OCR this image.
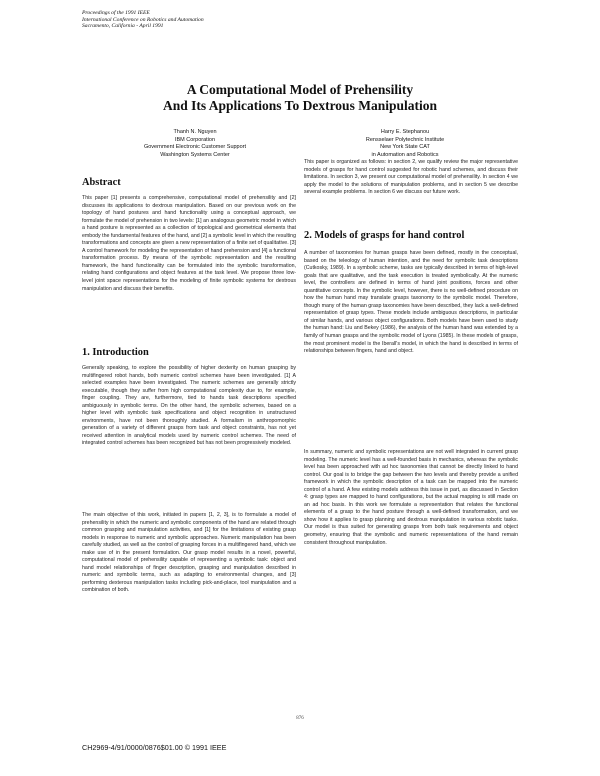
Proceedings of the 1991 IEEE
International Conference on Robotics and Automation
Sacramento, California - April 1991
A Computational Model of Prehensility
And Its Applications To Dextrous Manipulation
Thanh N. Nguyen
IBM Corporation
Government Electronic Customer Support
Washington Systems Center
Harry E. Stephanou
Rensselaer Polytechnic Institute
New York State CAT
in Automation and Robotics
Abstract
This paper [1] presents a comprehensive, computational model of prehensility and [2] discusses its applications to dextrous manipulation. Based on our previous work on the topology of hand postures and hand functionality using a conceptual approach, we formulate the model of prehension in two levels: [1] an analogous geometric model in which a hand posture is represented as a collection of topological and geometrical elements that embody the fundamental features of the hand, and [2] a symbolic level in which the resulting transformations and concepts are given a new representation of a finite set of qualitative. [3] A control framework for modeling the representation of hand prehension and [4] a functional transformation process. By means of the symbolic representation and the resulting framework, the hand functionality can be formulated into the symbolic transformation, relating hand configurations and object features at the task level. We propose three low-level joint space representations for the modeling of finite symbolic systems for dextrous manipulation and discuss their benefits.
1. Introduction
Generally speaking, to explore the possibility of higher dexterity on human grasping by multifingered robot hands, both numeric control schemes have been investigated. [1] A selected examples have been investigated. The numeric schemes are generally strictly executable, though they suffer from high computational complexity due to, for example, finger coupling. They are, furthermore, tied to hands task descriptions specified ambiguously in symbolic terms. On the other hand, the symbolic schemes, based on a higher level with symbolic task specifications and object recognition in unstructured environments, have not been thoroughly studied. A formalism in anthropomorphic generation of a variety of different grasps from task and object constraints, has not yet received attention in analytical models used by numeric control schemes. The need of integrated control schemes has been recognized but has not been progressively modeled.
The main objective of this work, initiated in papers [1, 2, 3], is to formulate a model of prehensility in which the numeric and symbolic components of the hand are related through common grasping and manipulation activities, and [1] for the limitations of existing grasp models in response to numeric and symbolic approaches. Numeric manipulation has been carefully studied, as well as the control of grasping forces in a multifingered hand, which we make use of in the present formulation. Our grasp model results in a novel, powerful, computational model of prehensility capable of representing a symbolic task: object and hand model relationships of finger description, grasping and manipulation described in numeric and symbolic terms, such as adapting to environmental changes, and [3] performing dexterous manipulation tasks including pick-and-place, tool manipulation and a combination of both.
This paper is organized as follows: in section 2, we qualify review the major representative models of grasps for hand control suggested for robotic hand schemes, and discuss their limitations. In section 3, we present our computational model of prehensility. In section 4 we apply the model to the solutions of manipulation problems, and in section 5 we describe several example problems. In section 6 we discuss our future work.
2. Models of grasps for hand control
A number of taxonomies for human grasps have been defined, mostly in the conceptual, based on the teleology of human intention, and the need for symbolic task descriptions (Cutkosky, 1989). In a symbolic scheme, tasks are typically described in terms of high-level goals that are qualitative, and the task execution is treated symbolically. At the numeric level, the controllers are defined in terms of hand joint positions, forces and other quantitative concepts. In the symbolic level, however, there is no well-defined procedure on how the human hand may translate grasps taxonomy to the symbolic model. Therefore, though many of the human grasp taxonomies have been described, they lack a well-defined representation of grasp types. These models include ambiguous descriptions, in particular of similar hands, and various object configurations. Both models have been used to study the human hand: Liu and Bekey (1986), the analysis of the human hand was extended by a family of human grasps and the symbolic model of Lyons (1985). In these models of grasps, the most prominent model is the Iberall's model, in which the hand is described in terms of relationships between fingers, hand and object.
In summary, numeric and symbolic representations are not well integrated in current grasp modeling. The numeric level has a well-founded basis in mechanics, whereas the symbolic level has been approached with ad hoc taxonomies that cannot be directly linked to hand control. Our goal is to bridge the gap between the two levels and thereby provide a unified framework in which the symbolic description of a task can be mapped into the numeric control of a hand. A few existing models address this issue in part, as discussed in Section 4: grasp types are mapped to hand configurations, but the actual mapping is still made on an ad hoc basis. In this work we formulate a representation that relates the functional elements of a grasp to the hand posture through a well-defined transformation, and we show how it applies to grasp planning and dextrous manipulation in various robotic tasks. Our model is thus suited for generating grasps from both task requirements and object geometry, ensuring that the symbolic and numeric representations of the hand remain consistent throughout manipulation.
876
CH2969-4/91/0000/0876$01.00 © 1991 IEEE
